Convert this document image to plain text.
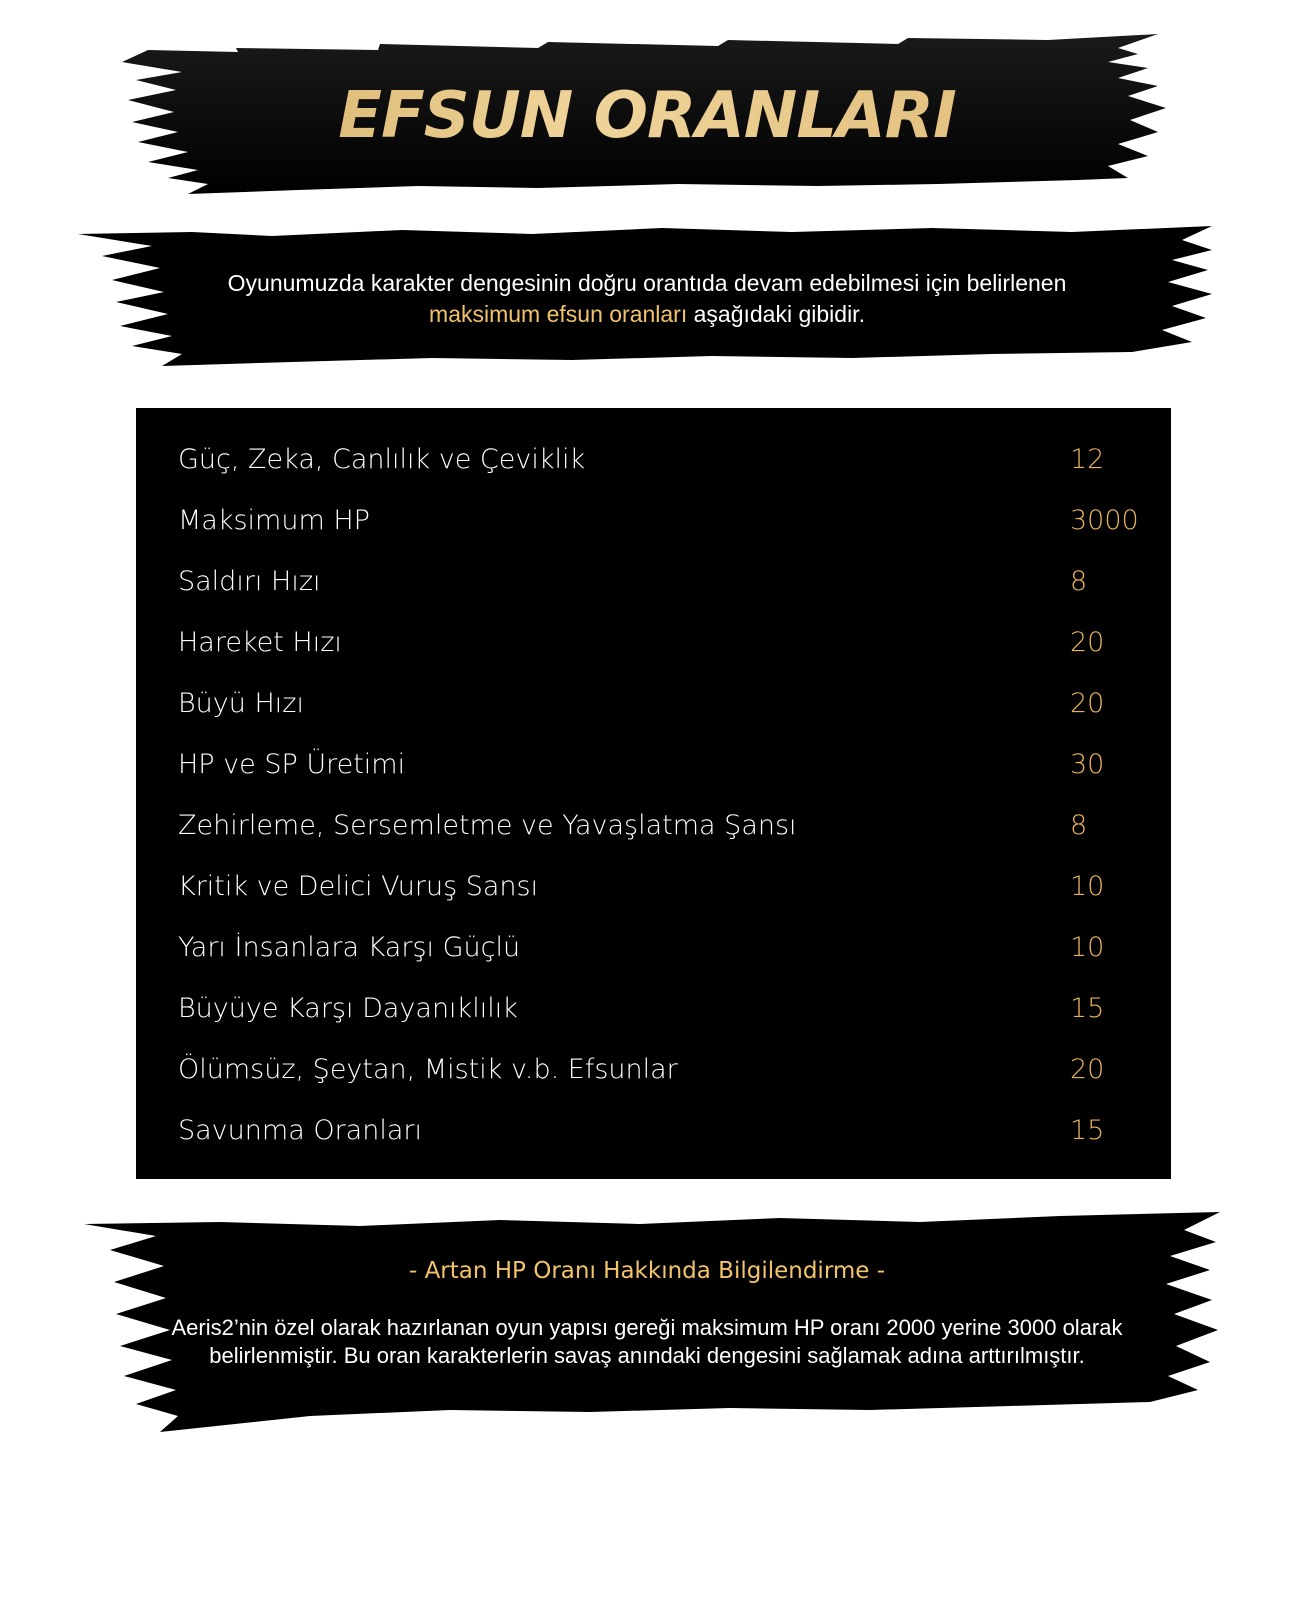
EFSUN ORANLARI
Oyunumuzda karakter dengesinin doğru orantıda devam edebilmesi için belirlenen
maksimum efsun oranları aşağıdaki gibidir.
Güç, Zeka, Canlılık ve Çeviklik	12
Maksimum HP	3000
Saldırı Hızı	8
Hareket Hızı	20
Büyü Hızı	20
HP ve SP Üretimi	30
Zehirleme, Sersemletme ve Yavaşlatma Şansı	8
Kritik ve Delici Vuruş Sansı	10
Yarı İnsanlara Karşı Güçlü	10
Büyüye Karşı Dayanıklılık	15
Ölümsüz, Şeytan, Mistik v.b. Efsunlar	20
Savunma Oranları	15
- Artan HP Oranı Hakkında Bilgilendirme -
Aeris2’nin özel olarak hazırlanan oyun yapısı gereği maksimum HP oranı 2000 yerine 3000 olarak belirlenmiştir. Bu oran karakterlerin savaş anındaki dengesini sağlamak adına arttırılmıştır.
